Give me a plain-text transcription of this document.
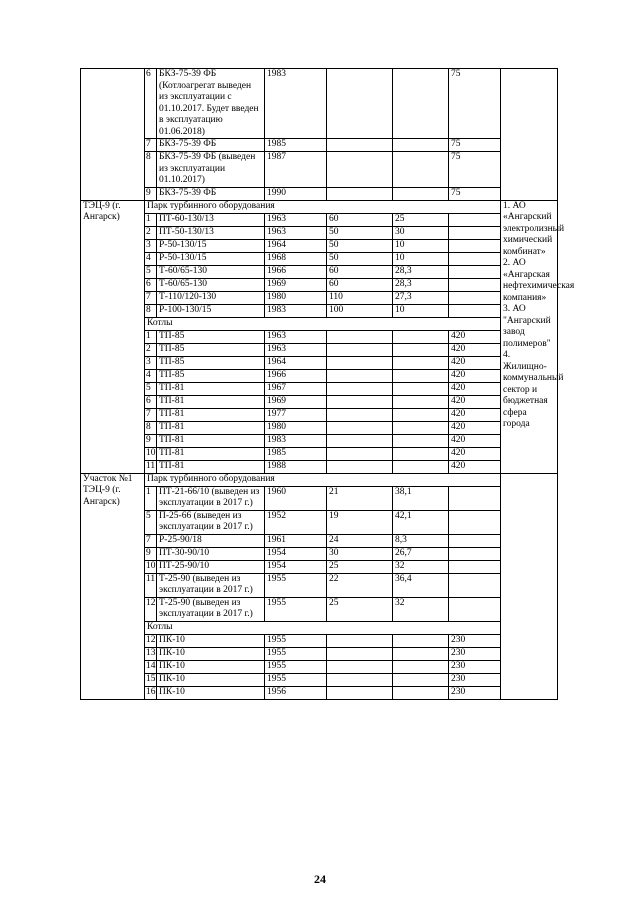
	6	БКЗ-75-39 ФБ (Котлоагрегат выведен из эксплуатации с 01.10.2017. Будет введен в эксплуатацию 01.06.2018)	1983			75	
	7	БКЗ-75-39 ФБ	1985			75	
	8	БКЗ-75-39 ФБ (выведен из эксплуатации 01.10.2017)	1987			75	
	9	БКЗ-75-39 ФБ	1990			75	
ТЭЦ-9 (г. Ангарск)	Парк турбинного оборудования						1. АО «Ангарский электролизный химический комбинат» 2. АО «Ангарская нефтехимическая компания» 3. АО "Ангарский завод полимеров" 4. Жилищно-коммунальный сектор и бюджетная сфера города
	1	ПТ-60-130/13	1963	60	25		
	2	ПТ-50-130/13	1963	50	30		
	3	Р-50-130/15	1964	50	10		
	4	Р-50-130/15	1968	50	10		
	5	Т-60/65-130	1966	60	28,3		
	6	Т-60/65-130	1969	60	28,3		
	7	Т-110/120-130	1980	110	27,3		
	8	Р-100-130/15	1983	100	10		
	Котлы						
	1	ТП-85	1963			420	
	2	ТП-85	1963			420	
	3	ТП-85	1964			420	
	4	ТП-85	1966			420	
	5	ТП-81	1967			420	
	6	ТП-81	1969			420	
	7	ТП-81	1977			420	
	8	ТП-81	1980			420	
	9	ТП-81	1983			420	
	10	ТП-81	1985			420	
	11	ТП-81	1988			420	
Участок №1 ТЭЦ-9 (г. Ангарск)	Парк турбинного оборудования						
	1	ПТ-21-66/10 (выведен из эксплуатации в 2017 г.)	1960	21	38,1		
	5	П-25-66 (выведен из эксплуатации в 2017 г.)	1952	19	42,1		
	7	Р-25-90/18	1961	24	8,3		
	9	ПТ-30-90/10	1954	30	26,7		
	10	ПТ-25-90/10	1954	25	32		
	11	Т-25-90 (выведен из эксплуатации в 2017 г.)	1955	22	36,4		
	12	Т-25-90 (выведен из эксплуатации в 2017 г.)	1955	25	32		
	Котлы						
	12	ПК-10	1955			230	
	13	ПК-10	1955			230	
	14	ПК-10	1955			230	
	15	ПК-10	1955			230	
	16	ПК-10	1956			230	
24
